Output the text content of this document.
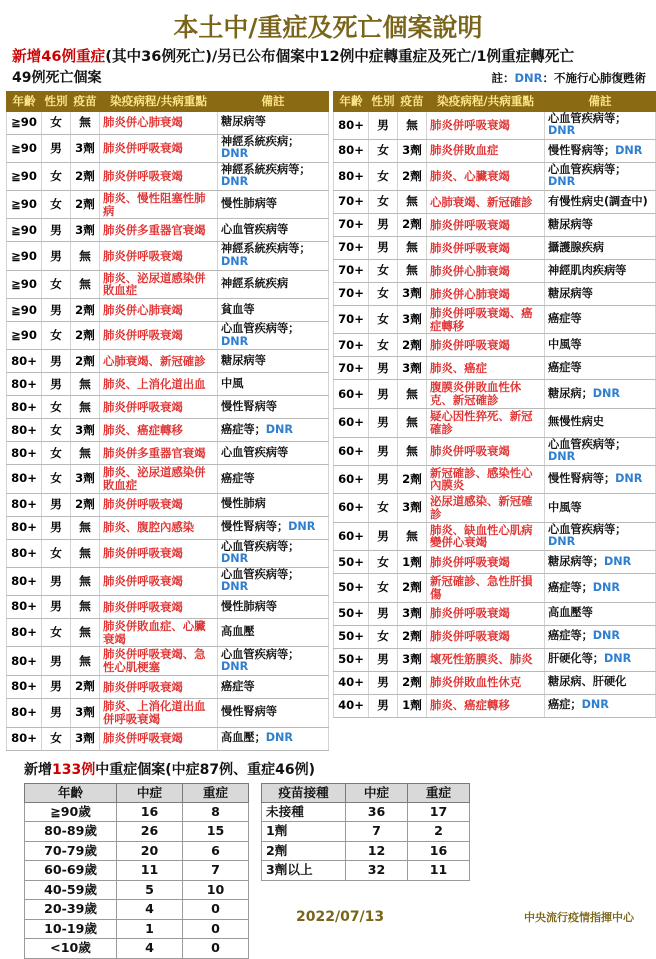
本土中/重症及死亡個案說明
新增46例重症(其中36例死亡)/另已公布個案中12例中症轉重症及死亡/1例重症轉死亡
49例死亡個案	註：DNR：不施行心肺復甦術
年齡	性別	疫苗	染疫病程/共病重點	備註
≧90	女	無	肺炎併心肺衰竭	糖尿病等
≧90	男	3劑	肺炎併呼吸衰竭	神經系統疾病；DNR
≧90	女	2劑	肺炎併呼吸衰竭	神經系統疾病等；DNR
≧90	女	2劑	肺炎、慢性阻塞性肺病	慢性肺病等
≧90	男	3劑	肺炎併多重器官衰竭	心血管疾病等
≧90	男	無	肺炎併呼吸衰竭	神經系統疾病等；DNR
≧90	女	無	肺炎、泌尿道感染併敗血症	神經系統疾病
≧90	男	2劑	肺炎併心肺衰竭	貧血等
≧90	女	2劑	肺炎併呼吸衰竭	心血管疾病等；DNR
80+	男	2劑	心肺衰竭、新冠確診	糖尿病等
80+	男	無	肺炎、上消化道出血	中風
80+	女	無	肺炎併呼吸衰竭	慢性腎病等
80+	女	3劑	肺炎、癌症轉移	癌症等；DNR
80+	女	無	肺炎併多重器官衰竭	心血管疾病等
80+	女	3劑	肺炎、泌尿道感染併敗血症	癌症等
80+	男	2劑	肺炎併呼吸衰竭	慢性肺病
80+	男	無	肺炎、腹腔內感染	慢性腎病等；DNR
80+	女	無	肺炎併呼吸衰竭	心血管疾病等；DNR
80+	男	無	肺炎併呼吸衰竭	心血管疾病等；DNR
80+	男	無	肺炎併呼吸衰竭	慢性肺病等
80+	女	無	肺炎併敗血症、心臟衰竭	高血壓
80+	男	無	肺炎併呼吸衰竭、急性心肌梗塞	心血管疾病等；DNR
80+	男	2劑	肺炎併呼吸衰竭	癌症等
80+	男	3劑	肺炎、上消化道出血併呼吸衰竭	慢性腎病等
80+	女	3劑	肺炎併呼吸衰竭	高血壓；DNR
年齡	性別	疫苗	染疫病程/共病重點	備註
80+	男	無	肺炎併呼吸衰竭	心血管疾病等；DNR
80+	女	3劑	肺炎併敗血症	慢性腎病等；DNR
80+	女	2劑	肺炎、心臟衰竭	心血管疾病等；DNR
70+	女	無	心肺衰竭、新冠確診	有慢性病史(調查中)
70+	男	2劑	肺炎併呼吸衰竭	糖尿病等
70+	男	無	肺炎併呼吸衰竭	攝護腺疾病
70+	女	無	肺炎併心肺衰竭	神經肌肉疾病等
70+	女	3劑	肺炎併心肺衰竭	糖尿病等
70+	女	3劑	肺炎併呼吸衰竭、癌症轉移	癌症等
70+	女	2劑	肺炎併呼吸衰竭	中風等
70+	男	3劑	肺炎、癌症	癌症等
60+	男	無	腹膜炎併敗血性休克、新冠確診	糖尿病；DNR
60+	男	無	疑心因性猝死、新冠確診	無慢性病史
60+	男	無	肺炎併呼吸衰竭	心血管疾病等；DNR
60+	男	2劑	新冠確診、感染性心內膜炎	慢性腎病等；DNR
60+	女	3劑	泌尿道感染、新冠確診	中風等
60+	男	無	肺炎、缺血性心肌病變併心衰竭	心血管疾病等；DNR
50+	女	1劑	肺炎併呼吸衰竭	糖尿病等；DNR
50+	女	2劑	新冠確診、急性肝損傷	癌症等；DNR
50+	男	3劑	肺炎併呼吸衰竭	高血壓等
50+	女	2劑	肺炎併呼吸衰竭	癌症等；DNR
50+	男	3劑	壞死性筋膜炎、肺炎	肝硬化等；DNR
40+	男	2劑	肺炎併敗血性休克	糖尿病、肝硬化
40+	男	1劑	肺炎、癌症轉移	癌症；DNR
新增133例中重症個案(中症87例、重症46例)
年齡	中症	重症
≧90歲	16	8
80-89歲	26	15
70-79歲	20	6
60-69歲	11	7
40-59歲	5	10
20-39歲	4	0
10-19歲	1	0
<10歲	4	0
疫苗接種	中症	重症
未接種	36	17
1劑	7	2
2劑	12	16
3劑以上	32	11
2022/07/13	中央流行疫情指揮中心
